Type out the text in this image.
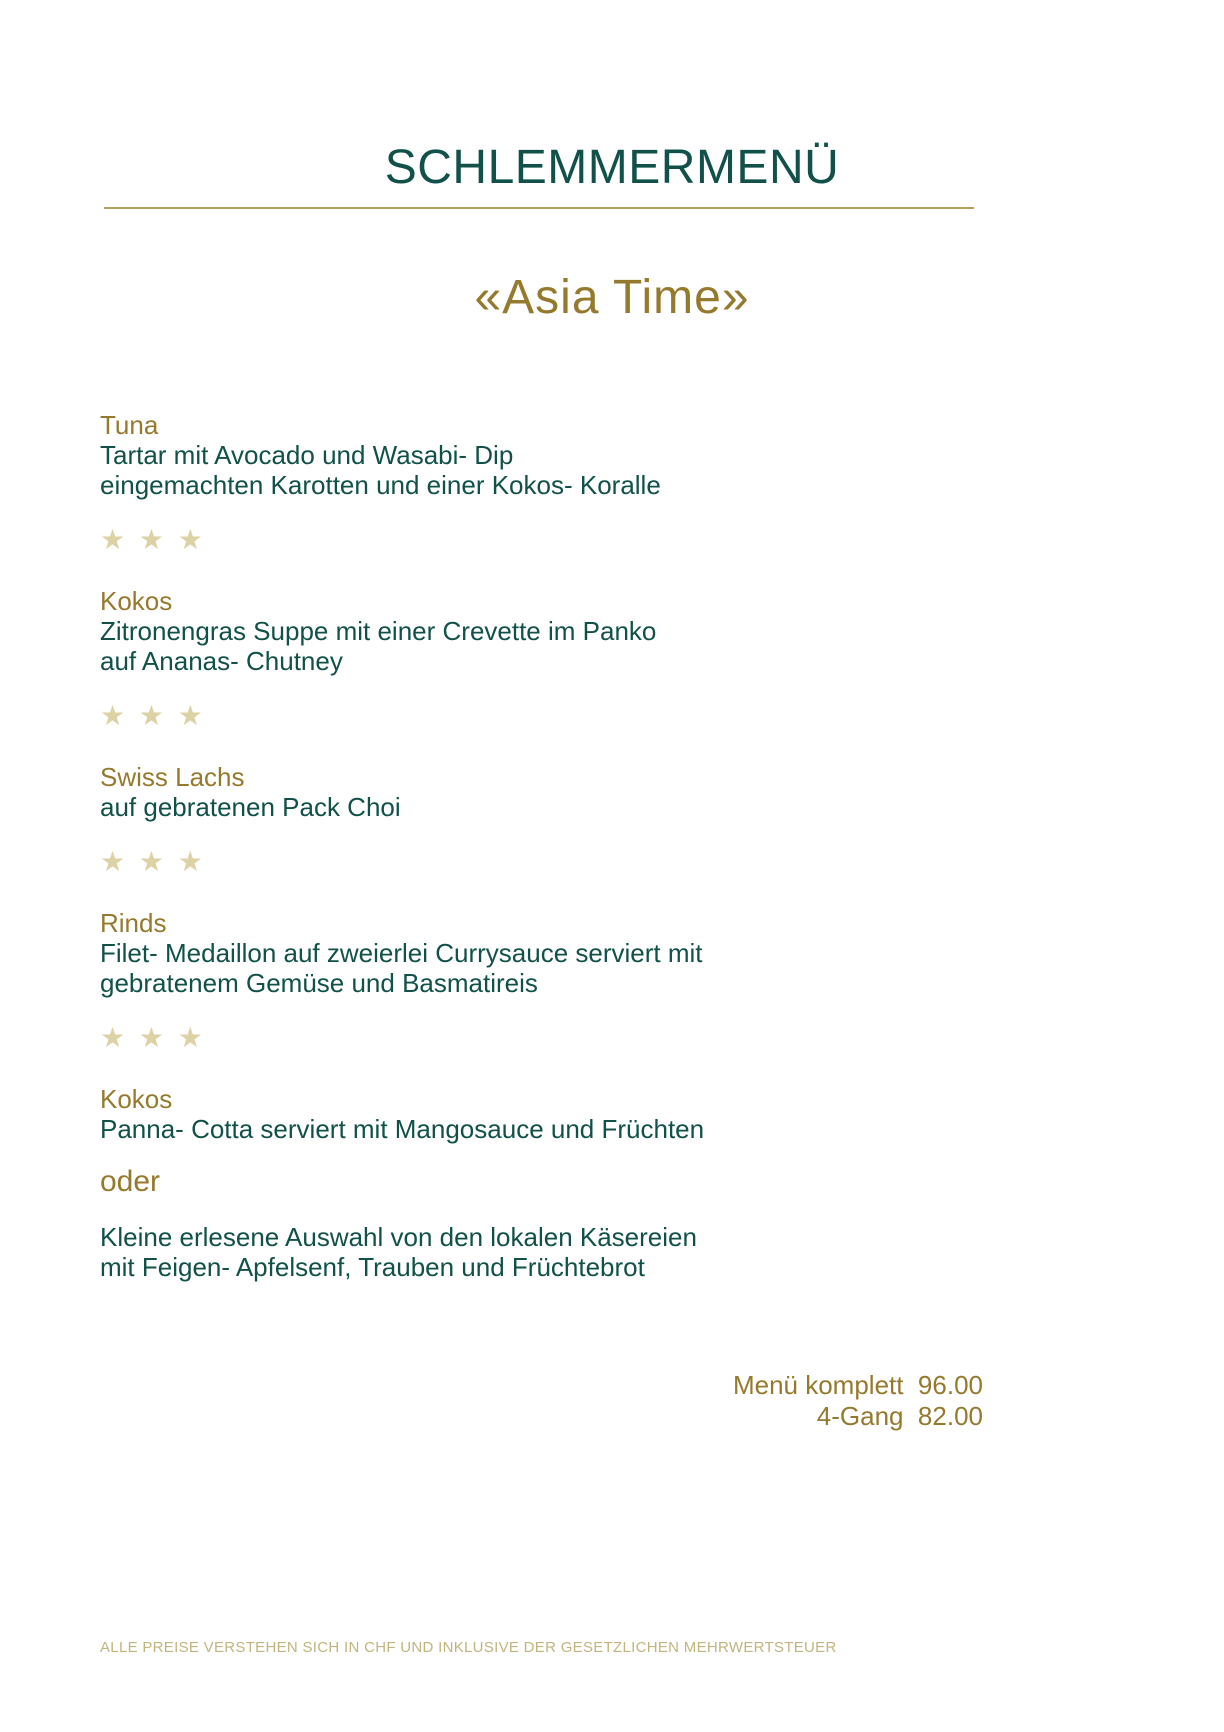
SCHLEMMERMENÜ
«Asia Time»
Tuna
Tartar mit Avocado und Wasabi- Dip
eingemachten Karotten und einer Kokos- Koralle
★ ★ ★
Kokos
Zitronengras Suppe mit einer Crevette im Panko
auf Ananas- Chutney
★ ★ ★
Swiss Lachs
auf gebratenen Pack Choi
★ ★ ★
Rinds
Filet- Medaillon auf zweierlei Currysauce serviert mit
gebratenem Gemüse und Basmatireis
★ ★ ★
Kokos
Panna- Cotta serviert mit Mangosauce und Früchten
oder
Kleine erlesene Auswahl von den lokalen Käsereien
mit Feigen- Apfelsenf, Trauben und Früchtebrot
Menü komplett  96.00
4-Gang  82.00
ALLE PREISE VERSTEHEN SICH IN CHF UND INKLUSIVE DER GESETZLICHEN MEHRWERTSTEUER
